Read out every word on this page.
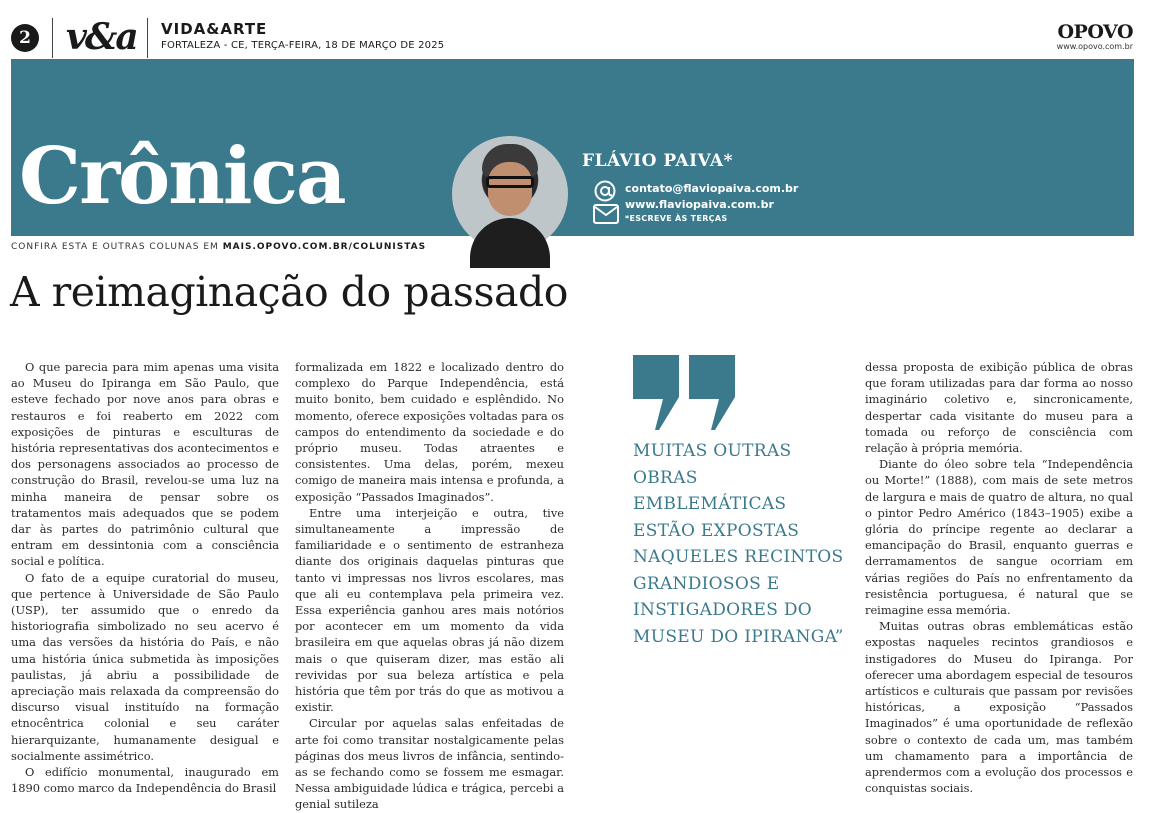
2 v&a VIDA&ARTE
FORTALEZA - CE, TERÇA-FEIRA, 18 DE MARÇO DE 2025
OPOVO
www.opovo.com.br
Crônica	FLÁVIO PAIVA*
contato@flaviopaiva.com.br
www.flaviopaiva.com.br
*ESCREVE ÀS TERÇAS
CONFIRA ESTA E OUTRAS COLUNAS EM MAIS.OPOVO.COM.BR/COLUNISTAS
A reimaginação do passado

O que parecia para mim apenas uma visita ao Museu do Ipiranga em São Paulo, que esteve fechado por nove anos para obras e restauros e foi reaberto em 2022 com exposições de pinturas e esculturas de história representativas dos acontecimentos e dos personagens associados ao processo de construção do Brasil, revelou-se uma luz na minha maneira de pensar sobre os tratamentos mais adequados que se podem dar às partes do patrimônio cultural que entram em dessintonia com a consciência social e política.

O fato de a equipe curatorial do museu, que pertence à Universidade de São Paulo (USP), ter assumido que o enredo da historiografia simbolizado no seu acervo é uma das versões da história do País, e não uma história única submetida às imposições paulistas, já abriu a possibilidade de apreciação mais relaxada da compreensão do discurso visual instituído na formação etnocêntrica colonial e seu caráter hierarquizante, humanamente desigual e socialmente assimétrico.

O edifício monumental, inaugurado em 1890 como marco da Independência do Brasil

formalizada em 1822 e localizado dentro do complexo do Parque Independência, está muito bonito, bem cuidado e esplêndido. No momento, oferece exposições voltadas para os campos do entendimento da sociedade e do próprio museu. Todas atraentes e consistentes. Uma delas, porém, mexeu comigo de maneira mais intensa e profunda, a exposição “Passados Imaginados”.

Entre uma interjeição e outra, tive simultaneamente a impressão de familiaridade e o sentimento de estranheza diante dos originais daquelas pinturas que tanto vi impressas nos livros escolares, mas que ali eu contemplava pela primeira vez. Essa experiência ganhou ares mais notórios por acontecer em um momento da vida brasileira em que aquelas obras já não dizem mais o que quiseram dizer, mas estão ali revividas por sua beleza artística e pela história que têm por trás do que as motivou a existir.

Circular por aquelas salas enfeitadas de arte foi como transitar nostalgicamente pelas páginas dos meus livros de infância, sentindo-as se fechando como se fossem me esmagar. Nessa ambiguidade lúdica e trágica, percebi a genial sutileza

MUITAS OUTRAS OBRAS EMBLEMÁTICAS ESTÃO EXPOSTAS NAQUELES RECINTOS GRANDIOSOS E INSTIGADORES DO MUSEU DO IPIRANGA”

dessa proposta de exibição pública de obras que foram utilizadas para dar forma ao nosso imaginário coletivo e, sincronicamente, despertar cada visitante do museu para a tomada ou reforço de consciência com relação à própria memória.

Diante do óleo sobre tela “Independência ou Morte!” (1888), com mais de sete metros de largura e mais de quatro de altura, no qual o pintor Pedro Américo (1843–1905) exibe a glória do príncipe regente ao declarar a emancipação do Brasil, enquanto guerras e derramamentos de sangue ocorriam em várias regiões do País no enfrentamento da resistência portuguesa, é natural que se reimagine essa memória.

Muitas outras obras emblemáticas estão expostas naqueles recintos grandiosos e instigadores do Museu do Ipiranga. Por oferecer uma abordagem especial de tesouros artísticos e culturais que passam por revisões históricas, a exposição “Passados Imaginados” é uma oportunidade de reflexão sobre o contexto de cada um, mas também um chamamento para a importância de aprendermos com a evolução dos processos e conquistas sociais.
